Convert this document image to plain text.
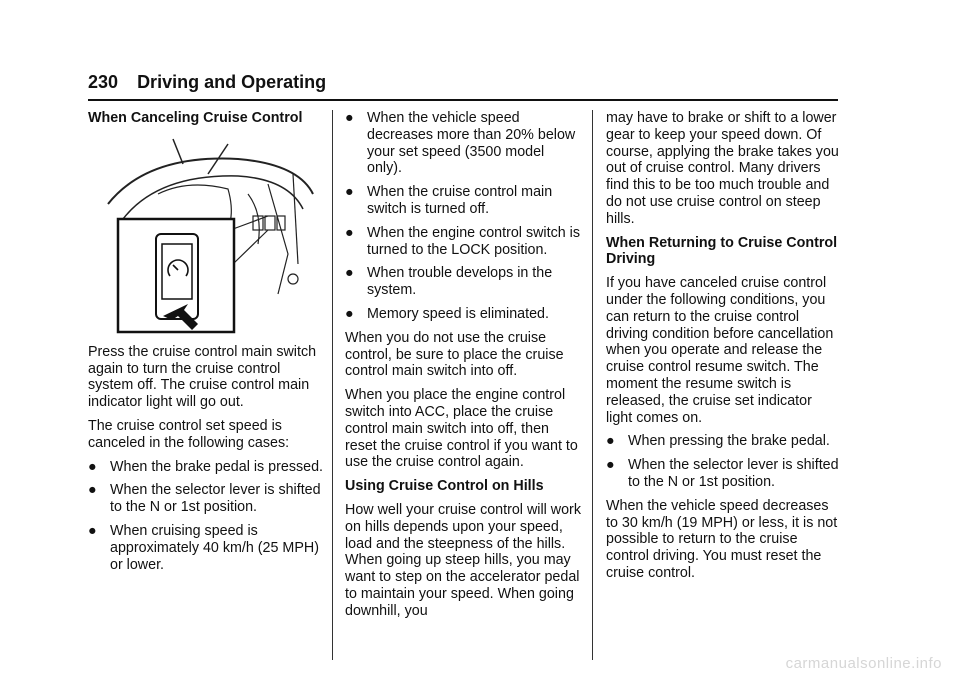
230 Driving and Operating
When Canceling Cruise Control

Press the cruise control main switch again to turn the cruise control system off. The cruise control main indicator light will go out.

The cruise control set speed is canceled in the following cases:

● When the brake pedal is pressed.
● When the selector lever is shifted to the N or 1st position.
● When cruising speed is approximately 40 km/h (25 MPH) or lower.
● When the vehicle speed decreases more than 20% below your set speed (3500 model only).
● When the cruise control main switch is turned off.
● When the engine control switch is turned to the LOCK position.
● When trouble develops in the system.
● Memory speed is eliminated.

When you do not use the cruise control, be sure to place the cruise control main switch into off.

When you place the engine control switch into ACC, place the cruise control main switch into off, then reset the cruise control if you want to use the cruise control again.

Using Cruise Control on Hills

How well your cruise control will work on hills depends upon your speed, load and the steepness of the hills. When going up steep hills, you may want to step on the accelerator pedal to maintain your speed. When going downhill, you

may have to brake or shift to a lower gear to keep your speed down. Of course, applying the brake takes you out of cruise control. Many drivers find this to be too much trouble and do not use cruise control on steep hills.

When Returning to Cruise Control Driving

If you have canceled cruise control under the following conditions, you can return to the cruise control driving condition before cancellation when you operate and release the cruise control resume switch. The moment the resume switch is released, the cruise set indicator light comes on.

● When pressing the brake pedal.
● When the selector lever is shifted to the N or 1st position.

When the vehicle speed decreases to 30 km/h (19 MPH) or less, it is not possible to return to the cruise control driving. You must reset the cruise control.

carmanualsonline.info
